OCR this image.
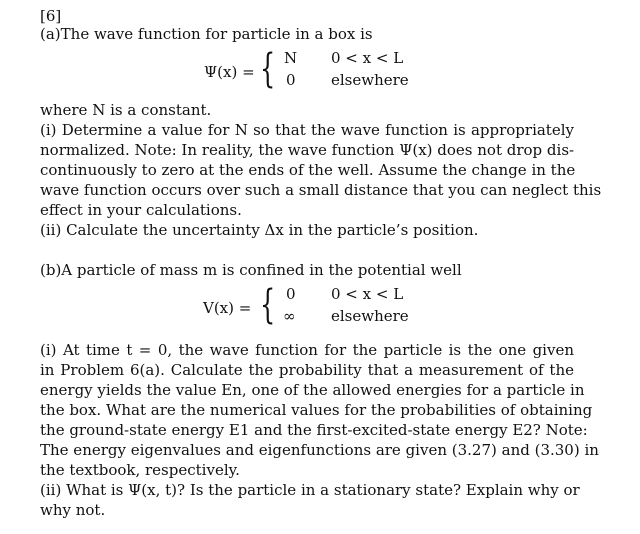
[6]
(a)The wave function for particle in a box is
Ψ(x) = { N 0 < x < L
0 elsewhere
where N is a constant.
(i) Determine a value for N so that the wave function is appropriately
normalized. Note: In reality, the wave function Ψ(x) does not drop dis-
continuously to zero at the ends of the well. Assume the change in the
wave function occurs over such a small distance that you can neglect this
effect in your calculations.
(ii) Calculate the uncertainty Δx in the particle’s position.
(b)A particle of mass m is confined in the potential well
V(x) = { 0 0 < x < L
∞ elsewhere
(i) At time t = 0, the wave function for the particle is the one given
in Problem 6(a). Calculate the probability that a measurement of the
energy yields the value En, one of the allowed energies for a particle in
the box. What are the numerical values for the probabilities of obtaining
the ground-state energy E1 and the first-excited-state energy E2? Note:
The energy eigenvalues and eigenfunctions are given (3.27) and (3.30) in
the textbook, respectively.
(ii) What is Ψ(x, t)? Is the particle in a stationary state? Explain why or
why not.
